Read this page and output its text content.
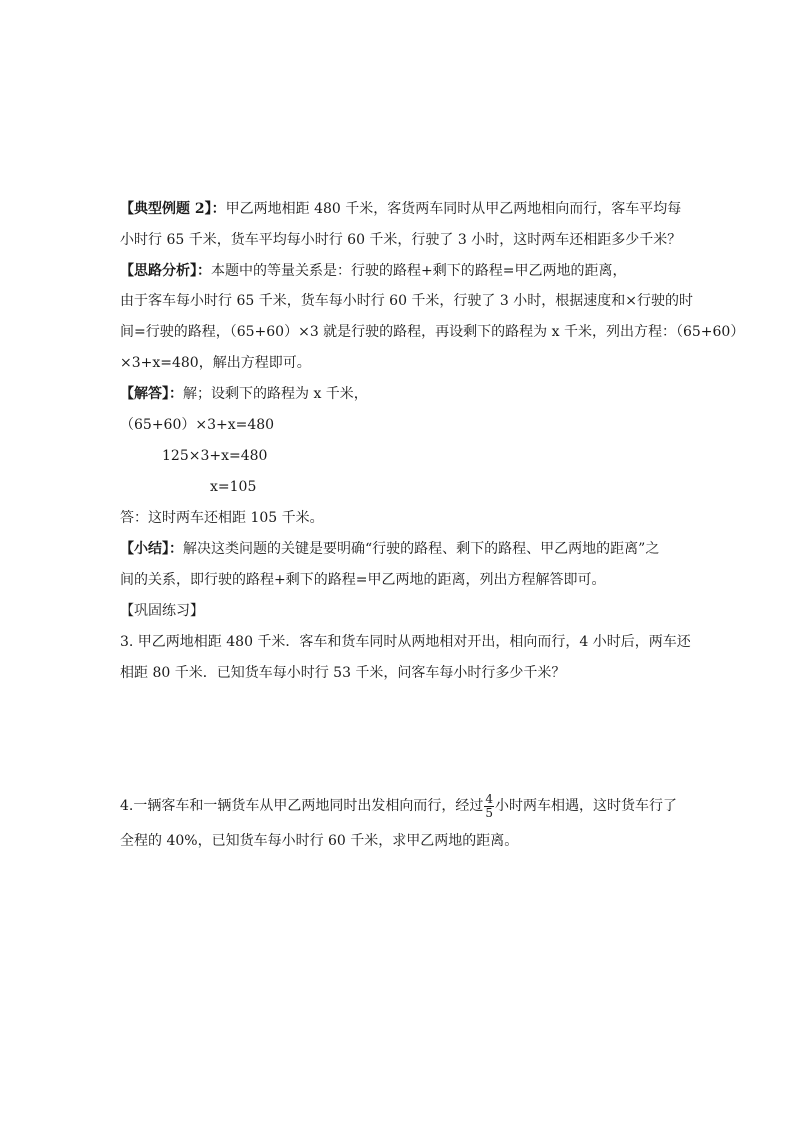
【典型例题 2】：甲乙两地相距 480 千米，客货两车同时从甲乙两地相向而行，客车平均每
小时行 65 千米，货车平均每小时行 60 千米，行驶了 3 小时，这时两车还相距多少千米？
【思路分析】：本题中的等量关系是：行驶的路程+剩下的路程=甲乙两地的距离，
由于客车每小时行 65 千米，货车每小时行 60 千米，行驶了 3 小时，根据速度和×行驶的时
间=行驶的路程，（65+60）×3 就是行驶的路程，再设剩下的路程为 x 千米，列出方程：（65+60）
×3+x=480，解出方程即可。
【解答】：解；设剩下的路程为 x 千米，
（65+60）×3+x=480
125×3+x=480
x=105
答：这时两车还相距 105 千米。
【小结】：解决这类问题的关键是要明确“行驶的路程、剩下的路程、甲乙两地的距离”之
间的关系，即行驶的路程+剩下的路程=甲乙两地的距离，列出方程解答即可。
【巩固练习】
3. 甲乙两地相距 480 千米．客车和货车同时从两地相对开出，相向而行，4 小时后，两车还
相距 80 千米．已知货车每小时行 53 千米，问客车每小时行多少千米？
4.一辆客车和一辆货车从甲乙两地同时出发相向而行，经过 $\frac{4}{5}$ 小时两车相遇，这时货车行了
全程的 40%，已知货车每小时行 60 千米，求甲乙两地的距离。
